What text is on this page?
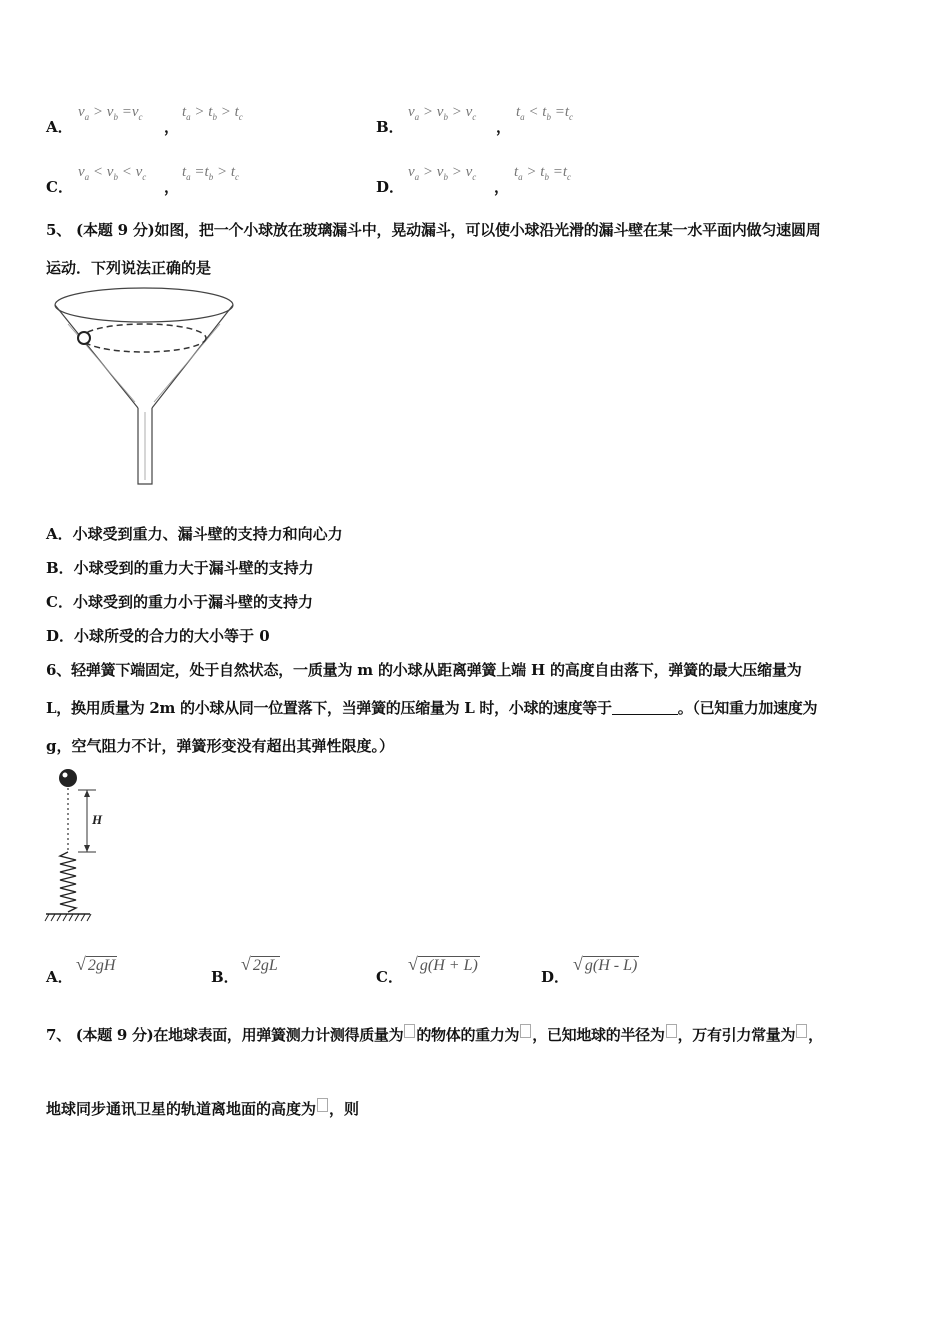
A．
$v_a > v_b =v_c$
，
$t_a > t_b > t_c$
B．
$v_a > v_b > v_c$
，
$t_a < t_b =t_c$
C．
$v_a < v_b < v_c$
，
$t_a =t_b > t_c$
D．
$v_a > v_b > v_c$
，
$t_a > t_b =t_c$
5、 (本题 9 分)如图，把一个小球放在玻璃漏斗中，晃动漏斗，可以使小球沿光滑的漏斗壁在某一水平面内做匀速圆周
运动．下列说法正确的是
A．小球受到重力、漏斗壁的支持力和向心力
B．小球受到的重力大于漏斗壁的支持力
C．小球受到的重力小于漏斗壁的支持力
D．小球所受的合力的大小等于 0
6、轻弹簧下端固定，处于自然状态，一质量为 m 的小球从距离弹簧上端 H 的高度自由落下，弹簧的最大压缩量为
L，换用质量为 2m 的小球从同一位置落下，当弹簧的压缩量为 L 时，小球的速度等于	。（已知重力加速度为
g，空气阻力不计，弹簧形变没有超出其弹性限度。）
H
A．
√ 2gH
B．
√ 2gL
C．
√ g(H + L)
D．
√ g(H - L)
7、 (本题 9 分)在地球表面，用弹簧测力计测得质量为 的物体的重力为 ，已知地球的半径为 ，万有引力常量为 ，
地球同步通讯卫星的轨道离地面的高度为 ，则
